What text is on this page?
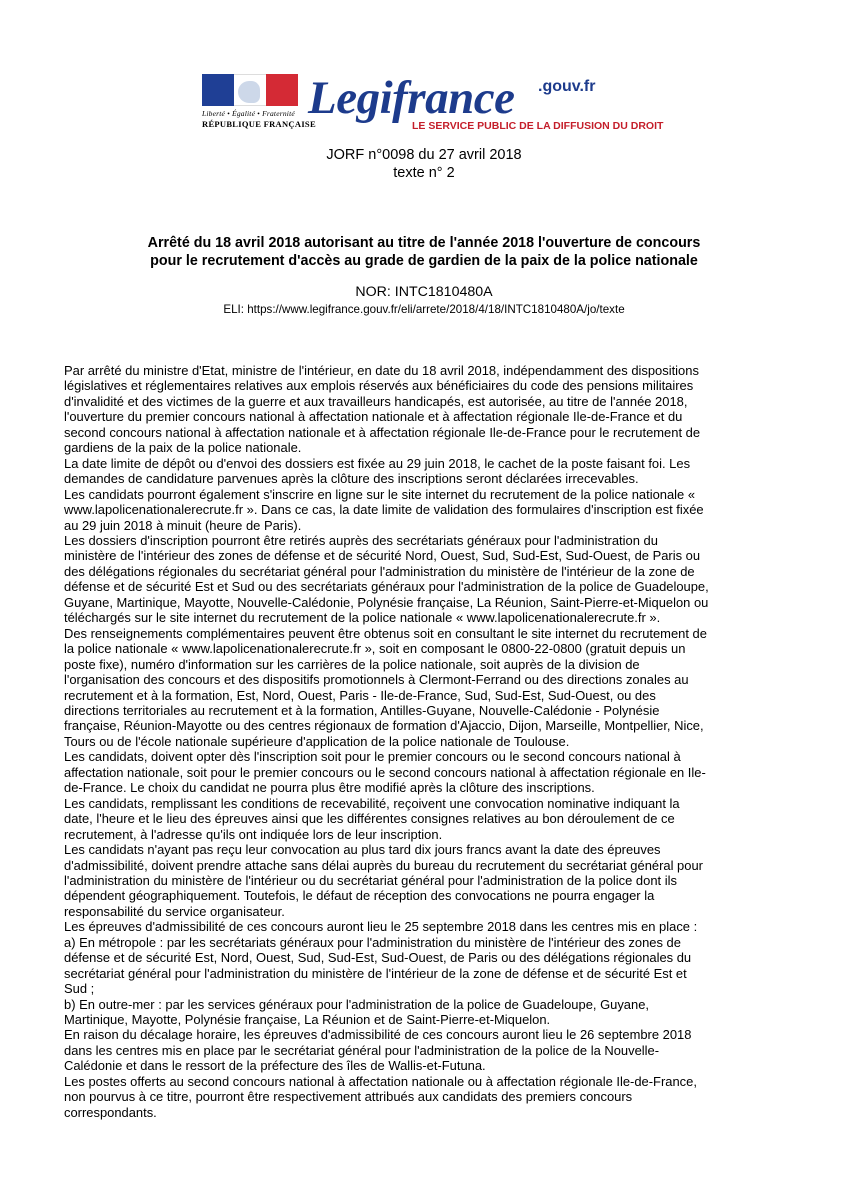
Liberté • Égalité • Fraternité
RÉPUBLIQUE FRANÇAISE
Legifrance .gouv.fr
LE SERVICE PUBLIC DE LA DIFFUSION DU DROIT
JORF n°0098 du 27 avril 2018
texte n° 2
Arrêté du 18 avril 2018 autorisant au titre de l'année 2018 l'ouverture de concours
pour le recrutement d'accès au grade de gardien de la paix de la police nationale
NOR: INTC1810480A
ELI: https://www.legifrance.gouv.fr/eli/arrete/2018/4/18/INTC1810480A/jo/texte

Par arrêté du ministre d'Etat, ministre de l'intérieur, en date du 18 avril 2018, indépendamment des dispositions

législatives et réglementaires relatives aux emplois réservés aux bénéficiaires du code des pensions militaires

d'invalidité et des victimes de la guerre et aux travailleurs handicapés, est autorisée, au titre de l'année 2018,

l'ouverture du premier concours national à affectation nationale et à affectation régionale Ile-de-France et du

second concours national à affectation nationale et à affectation régionale Ile-de-France pour le recrutement de

gardiens de la paix de la police nationale.

La date limite de dépôt ou d'envoi des dossiers est fixée au 29 juin 2018, le cachet de la poste faisant foi. Les

demandes de candidature parvenues après la clôture des inscriptions seront déclarées irrecevables.

Les candidats pourront également s'inscrire en ligne sur le site internet du recrutement de la police nationale «

www.lapolicenationalerecrute.fr ». Dans ce cas, la date limite de validation des formulaires d'inscription est fixée

au 29 juin 2018 à minuit (heure de Paris).

Les dossiers d'inscription pourront être retirés auprès des secrétariats généraux pour l'administration du

ministère de l'intérieur des zones de défense et de sécurité Nord, Ouest, Sud, Sud-Est, Sud-Ouest, de Paris ou

des délégations régionales du secrétariat général pour l'administration du ministère de l'intérieur de la zone de

défense et de sécurité Est et Sud ou des secrétariats généraux pour l'administration de la police de Guadeloupe,

Guyane, Martinique, Mayotte, Nouvelle-Calédonie, Polynésie française, La Réunion, Saint-Pierre-et-Miquelon ou

téléchargés sur le site internet du recrutement de la police nationale « www.lapolicenationalerecrute.fr ».

Des renseignements complémentaires peuvent être obtenus soit en consultant le site internet du recrutement de

la police nationale « www.lapolicenationalerecrute.fr », soit en composant le 0800-22-0800 (gratuit depuis un

poste fixe), numéro d'information sur les carrières de la police nationale, soit auprès de la division de

l'organisation des concours et des dispositifs promotionnels à Clermont-Ferrand ou des directions zonales au

recrutement et à la formation, Est, Nord, Ouest, Paris - Ile-de-France, Sud, Sud-Est, Sud-Ouest, ou des

directions territoriales au recrutement et à la formation, Antilles-Guyane, Nouvelle-Calédonie - Polynésie

française, Réunion-Mayotte ou des centres régionaux de formation d'Ajaccio, Dijon, Marseille, Montpellier, Nice,

Tours ou de l'école nationale supérieure d'application de la police nationale de Toulouse.

Les candidats, doivent opter dès l'inscription soit pour le premier concours ou le second concours national à

affectation nationale, soit pour le premier concours ou le second concours national à affectation régionale en Ile-

de-France. Le choix du candidat ne pourra plus être modifié après la clôture des inscriptions.

Les candidats, remplissant les conditions de recevabilité, reçoivent une convocation nominative indiquant la

date, l'heure et le lieu des épreuves ainsi que les différentes consignes relatives au bon déroulement de ce

recrutement, à l'adresse qu'ils ont indiquée lors de leur inscription.

Les candidats n'ayant pas reçu leur convocation au plus tard dix jours francs avant la date des épreuves

d'admissibilité, doivent prendre attache sans délai auprès du bureau du recrutement du secrétariat général pour

l'administration du ministère de l'intérieur ou du secrétariat général pour l'administration de la police dont ils

dépendent géographiquement. Toutefois, le défaut de réception des convocations ne pourra engager la

responsabilité du service organisateur.

Les épreuves d'admissibilité de ces concours auront lieu le 25 septembre 2018 dans les centres mis en place :

a) En métropole : par les secrétariats généraux pour l'administration du ministère de l'intérieur des zones de

défense et de sécurité Est, Nord, Ouest, Sud, Sud-Est, Sud-Ouest, de Paris ou des délégations régionales du

secrétariat général pour l'administration du ministère de l'intérieur de la zone de défense et de sécurité Est et

Sud ;

b) En outre-mer : par les services généraux pour l'administration de la police de Guadeloupe, Guyane,

Martinique, Mayotte, Polynésie française, La Réunion et de Saint-Pierre-et-Miquelon.

En raison du décalage horaire, les épreuves d'admissibilité de ces concours auront lieu le 26 septembre 2018

dans les centres mis en place par le secrétariat général pour l'administration de la police de la Nouvelle-

Calédonie et dans le ressort de la préfecture des îles de Wallis-et-Futuna.

Les postes offerts au second concours national à affectation nationale ou à affectation régionale Ile-de-France,

non pourvus à ce titre, pourront être respectivement attribués aux candidats des premiers concours

correspondants.
